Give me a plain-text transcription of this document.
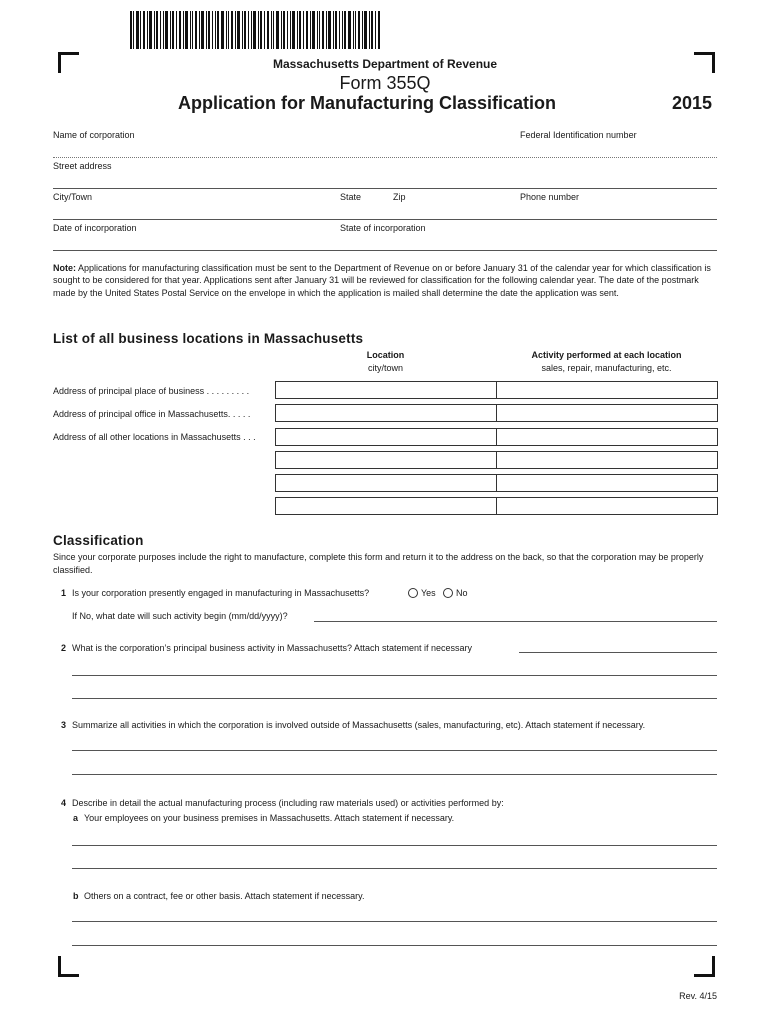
Massachusetts Department of Revenue
Form 355Q
Application for Manufacturing Classification	2015
Name of corporation	Federal Identification number
Street address
City/Town	State	Zip	Phone number
Date of incorporation	State of incorporation
Note: Applications for manufacturing classification must be sent to the Department of Revenue on or before January 31 of the calendar year for which classification is sought to be considered for that year. Applications sent after January 31 will be reviewed for classification for the following calendar year. The date of the postmark made by the United States Postal Service on the envelope in which the application is mailed shall determine the date the application was sent.
List of all business locations in Massachusetts
Location
city/town
Activity performed at each location
sales, repair, manufacturing, etc.
Address of principal place of business . . . . . . . . .
Address of principal office in Massachusetts. . . . .
Address of all other locations in Massachusetts . . .
Classification
Since your corporate purposes include the right to manufacture, complete this form and return it to the address on the back, so that the corporation may be properly classified.
1 Is your corporation presently engaged in manufacturing in Massachusetts?	Yes No
If No, what date will such activity begin (mm/dd/yyyy)?
2 What is the corporation’s principal business activity in Massachusetts? Attach statement if necessary
3 Summarize all activities in which the corporation is involved outside of Massachusetts (sales, manufacturing, etc). Attach statement if necessary.
4 Describe in detail the actual manufacturing process (including raw materials used) or activities performed by:
a Your employees on your business premises in Massachusetts. Attach statement if necessary.
b Others on a contract, fee or other basis. Attach statement if necessary.
Rev. 4/15
